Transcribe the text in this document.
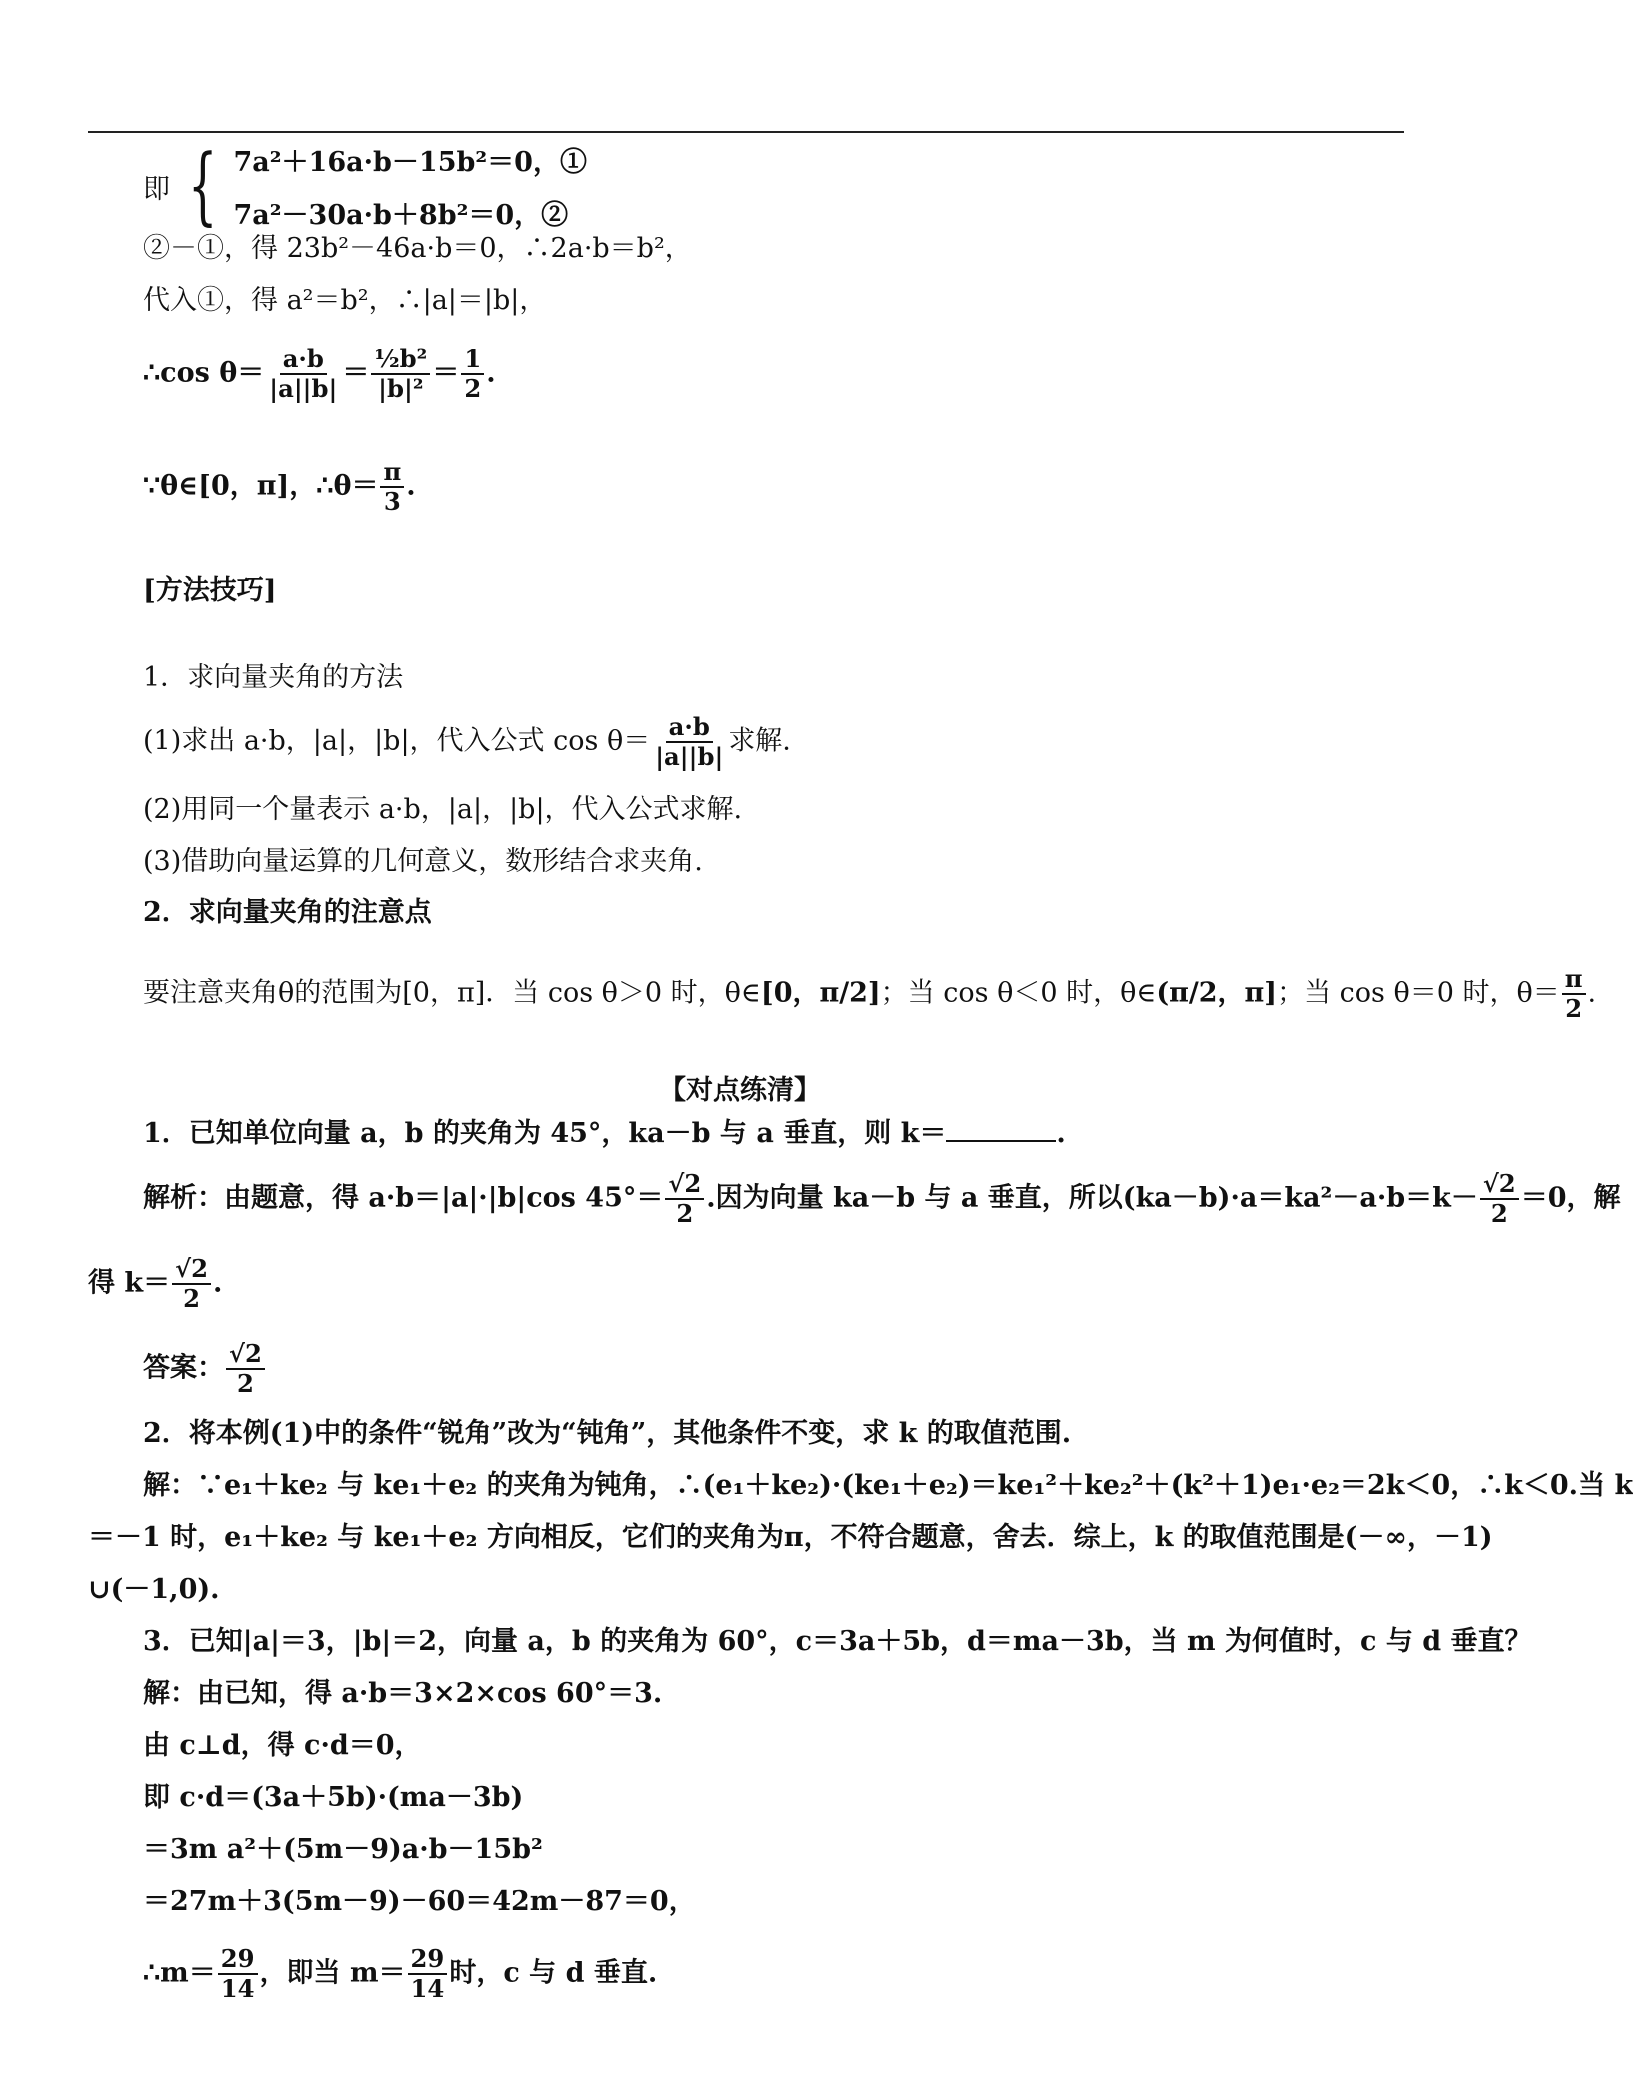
即 { 7a²＋16a·b－15b²＝0，①
7a²－30a·b＋8b²＝0，②
②－①，得 23b²－46a·b＝0，∴2a·b＝b²，
代入①，得 a²＝b²，∴|a|＝|b|，
∴cos $\theta= \frac{a\cdot b}{|a||b|} = \frac{\text{½b²}}{\text{|b|²}} = \frac{1}{2}$ .
∵θ∈[0，π]，∴θ＝ $\frac{\pi}{3}$ .
[方法技巧]
1．求向量夹角的方法
(1)求出 a·b，|a|，|b|，代入公式 $\cos \theta= \frac{a\cdot b}{|a||b|}$ 求解.
(2)用同一个量表示 a·b，|a|，|b|，代入公式求解.
(3)借助向量运算的几何意义，数形结合求夹角.
2．求向量夹角的注意点
要注意夹角θ的范围为[0，π]．当 cos θ＞0 时，θ∈[0，π/2]；当 cos θ＜0 时，θ∈(π/2，π]；当 cos θ＝0 时，$\theta= \frac{\pi}{2}$ .
【对点练清】
1．已知单位向量 a，b 的夹角为 45°，ka－b 与 a 垂直，则 k＝	.
解析：由题意，得 a·b＝|a|·|b|cos $45^\circ= \frac{√2}{2}$ .因为向量 ka－b 与 a 垂直，所以$(ka-b)\cdot a=ka^2-a\cdot b=k- \frac{√2}{2} =0$，解
得 $k= \frac{√2}{2}$ .
答案： $\frac{√2}{2}$
2．将本例(1)中的条件“锐角”改为“钝角”，其他条件不变，求 k 的取值范围.
解：∵e₁＋ke₂ 与 ke₁＋e₂ 的夹角为钝角，∴(e₁＋ke₂)·(ke₁＋e₂)＝ke₁²＋ke₂²＋(k²＋1)e₁·e₂＝2k＜0，∴k＜0.当 k
＝－1 时，e₁＋ke₂ 与 ke₁＋e₂ 方向相反，它们的夹角为π，不符合题意，舍去．综上，k 的取值范围是(－∞，－1)
∪(－1,0).
3．已知|a|＝3，|b|＝2，向量 a，b 的夹角为 60°，c＝3a＋5b，d＝ma－3b，当 m 为何值时，c 与 d 垂直？
解：由已知，得 a·b＝3×2×cos 60°＝3.
由 c⊥d，得 c·d＝0，
即 c·d＝(3a＋5b)·(ma－3b)
＝3m a²＋(5m－9)a·b－15b²
＝27m＋3(5m－9)－60＝42m－87＝0，
∴m＝ $\frac{29}{14}$ ，即当 $m= \frac{29}{14}$ 时，c 与 d 垂直.
